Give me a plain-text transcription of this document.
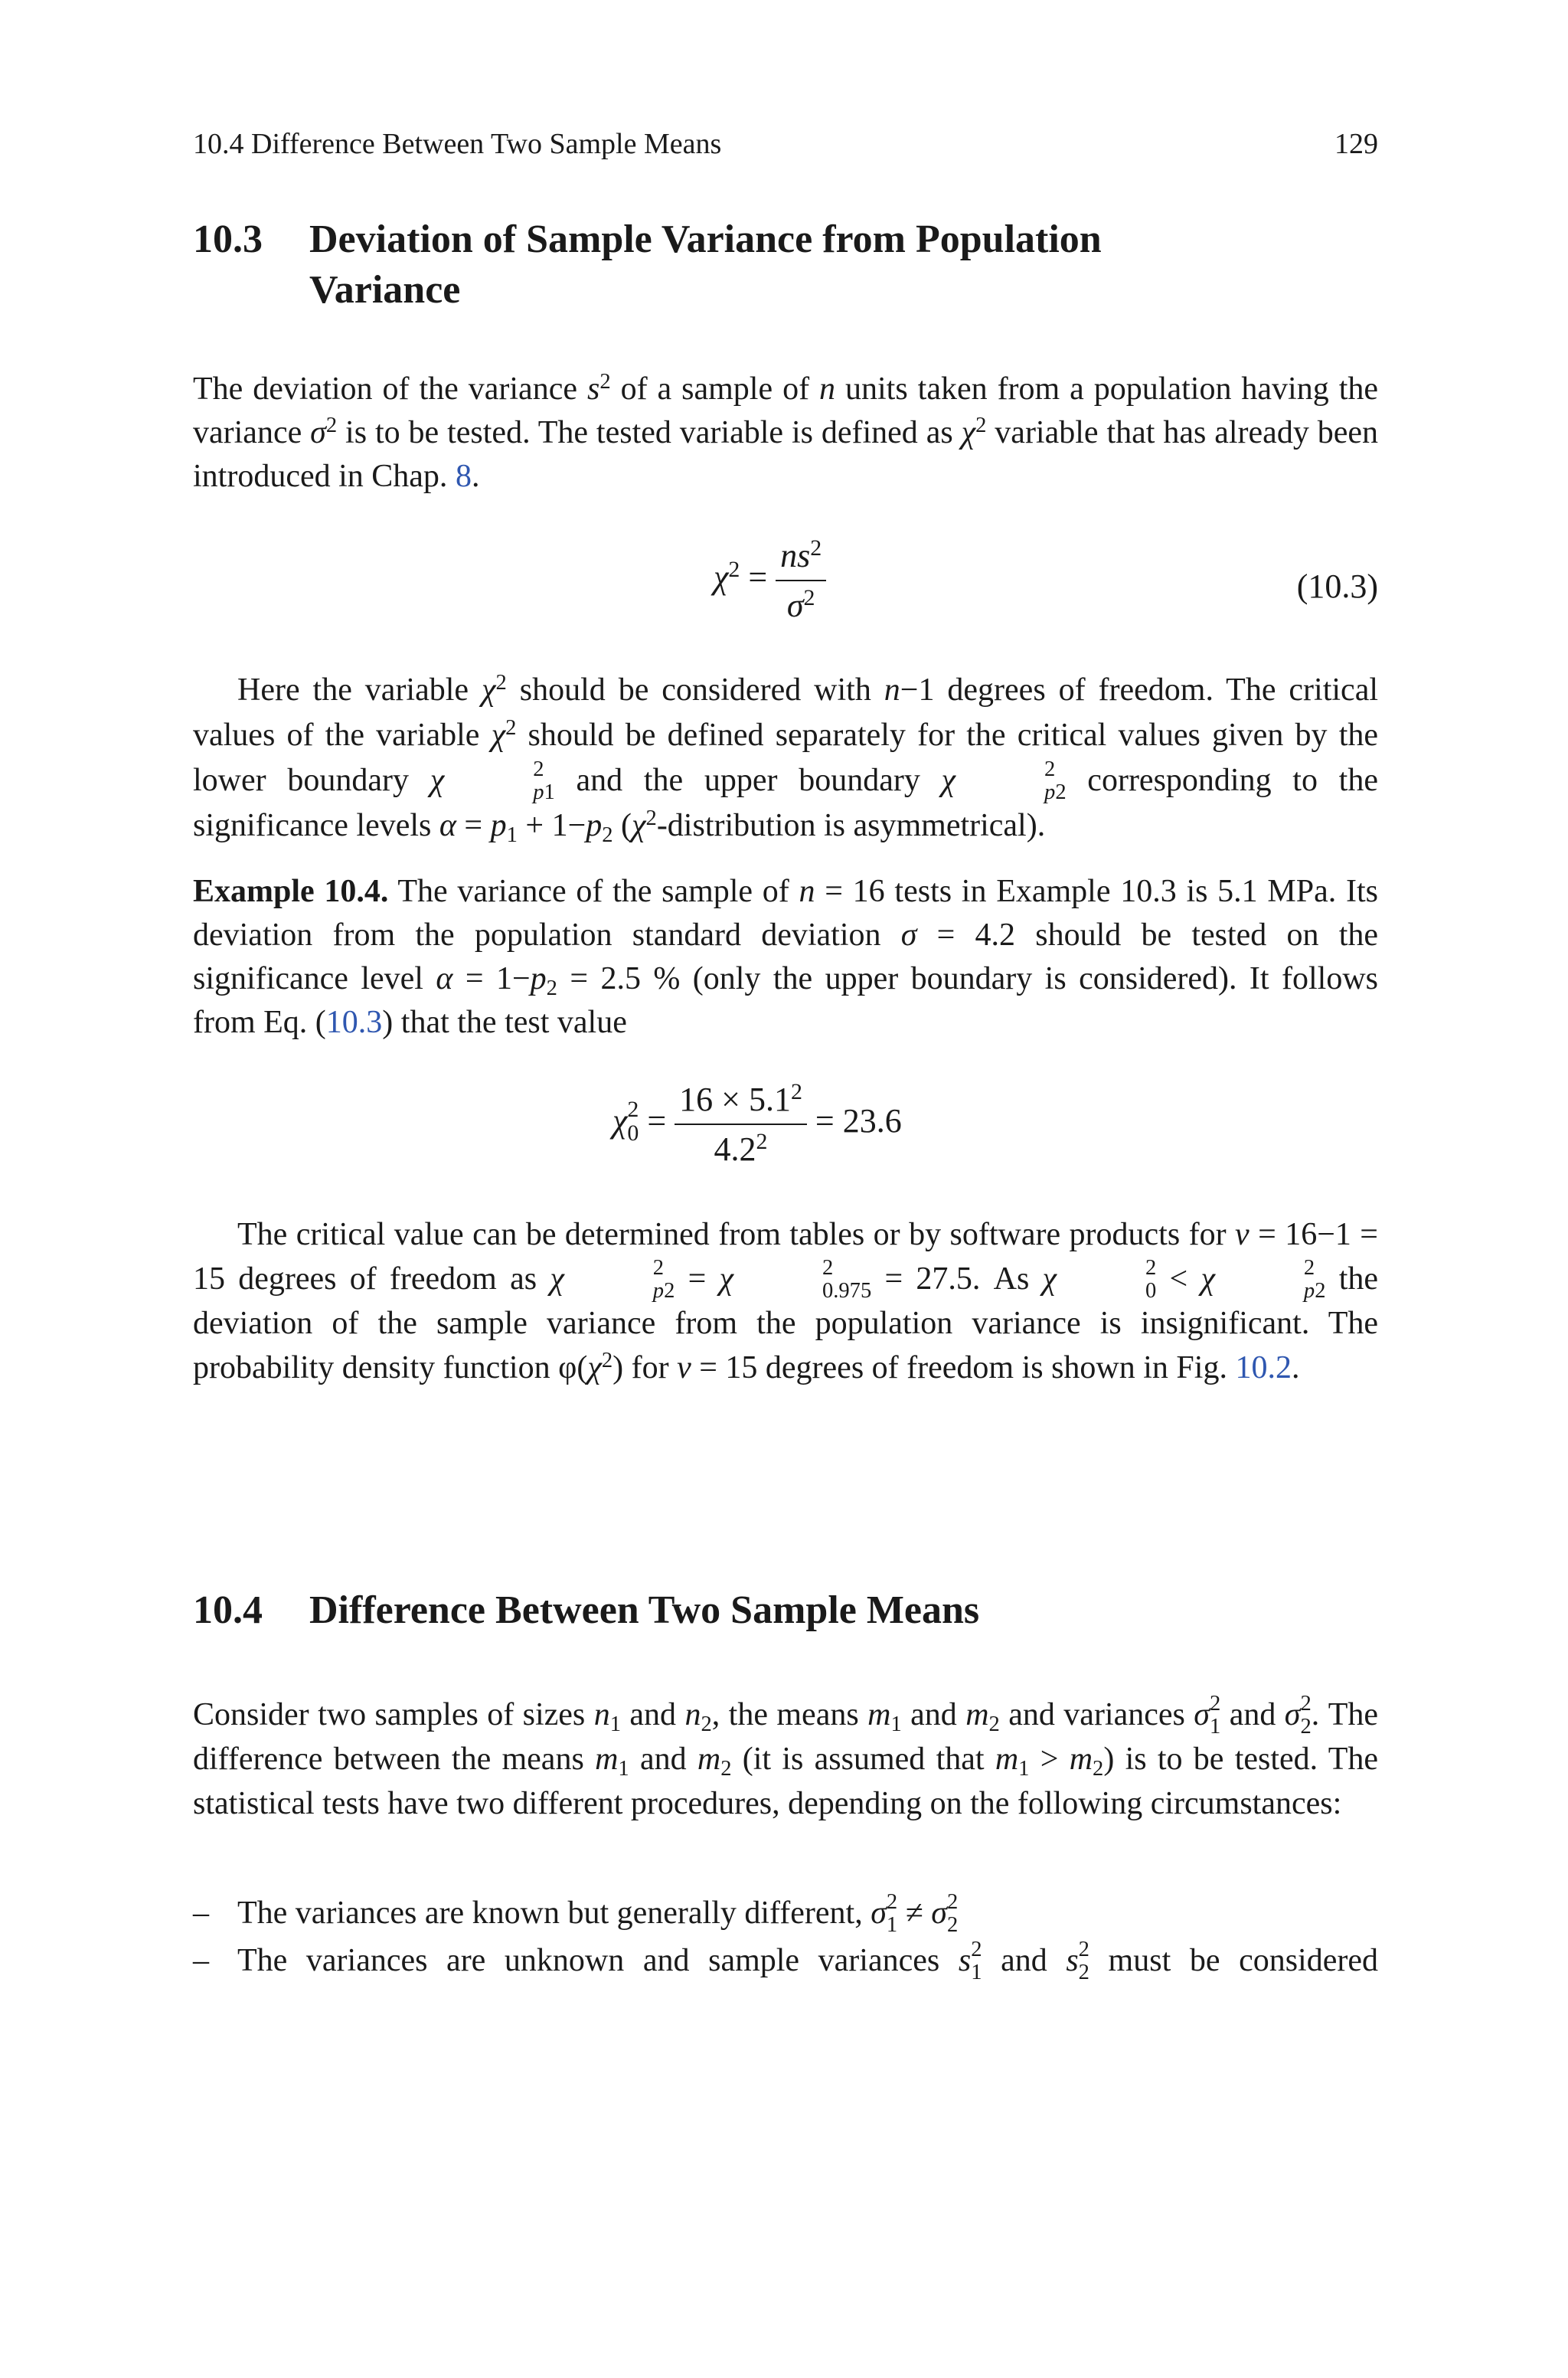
10.4 Difference Between Two Sample Means	129
10.3 Deviation of Sample Variance from Population
Variance

The deviation of the variance $s^2$ of a sample of n units taken from a population having the variance $\sigma^2$ is to be tested. The tested variable is defined as $\chi^2$ variable that has already been introduced in Chap. 8.

$\chi^2 = \frac{ns^2}{\sigma^2}$	(10.3)

Here the variable $\chi^2$ should be considered with n−1 degrees of freedom. The critical values of the variable $\chi^2$ should be defined separately for the critical values given by the lower boundary χ	2
p1 and the upper boundary χ	2
p2 corresponding to the significance levels $\alpha = p_1 + 1-p_2$ ($\chi^2$-distribution is asymmetrical).

Example 10.4. The variance of the sample of n = 16 tests in Example 10.3 is 5.1 MPa. Its deviation from the population standard deviation σ = 4.2 should be tested on the significance level $\alpha = 1-p_2 = 2.5$ % (only the upper boundary is considered). It follows from Eq. (10.3) that the test value

χ 2
$0 = \frac{16 \times 5.1^2}{4.2^2} = 23.6$

The critical value can be determined from tables or by software products for ν = 16−1 = 15 degrees of freedom as χ	2
p2 = χ	2
0.975 = 27.5. As χ	2
0 < χ	2
p2 the deviation of the sample variance from the population variance is insignificant. The probability density function $\varphi(\chi^2)$ for ν = 15 degrees of freedom is shown in Fig. 10.2.

10.4 Difference Between Two Sample Means

Consider two samples of sizes $n_1$ and $n_2$, the means $m_1$ and $m_2$ and variances σ 2
1 and σ 2
2 . The difference between the means $m_1$ and $m_2$ (it is assumed that $m_1 > m_2$) is to be tested. The statistical tests have two different procedures, depending on the following circumstances:

– The variances are known but generally different, σ 2
1 ≠ σ 2
2
– The variances are unknown and sample variances s 2
1 and s 2
2 must be considered
